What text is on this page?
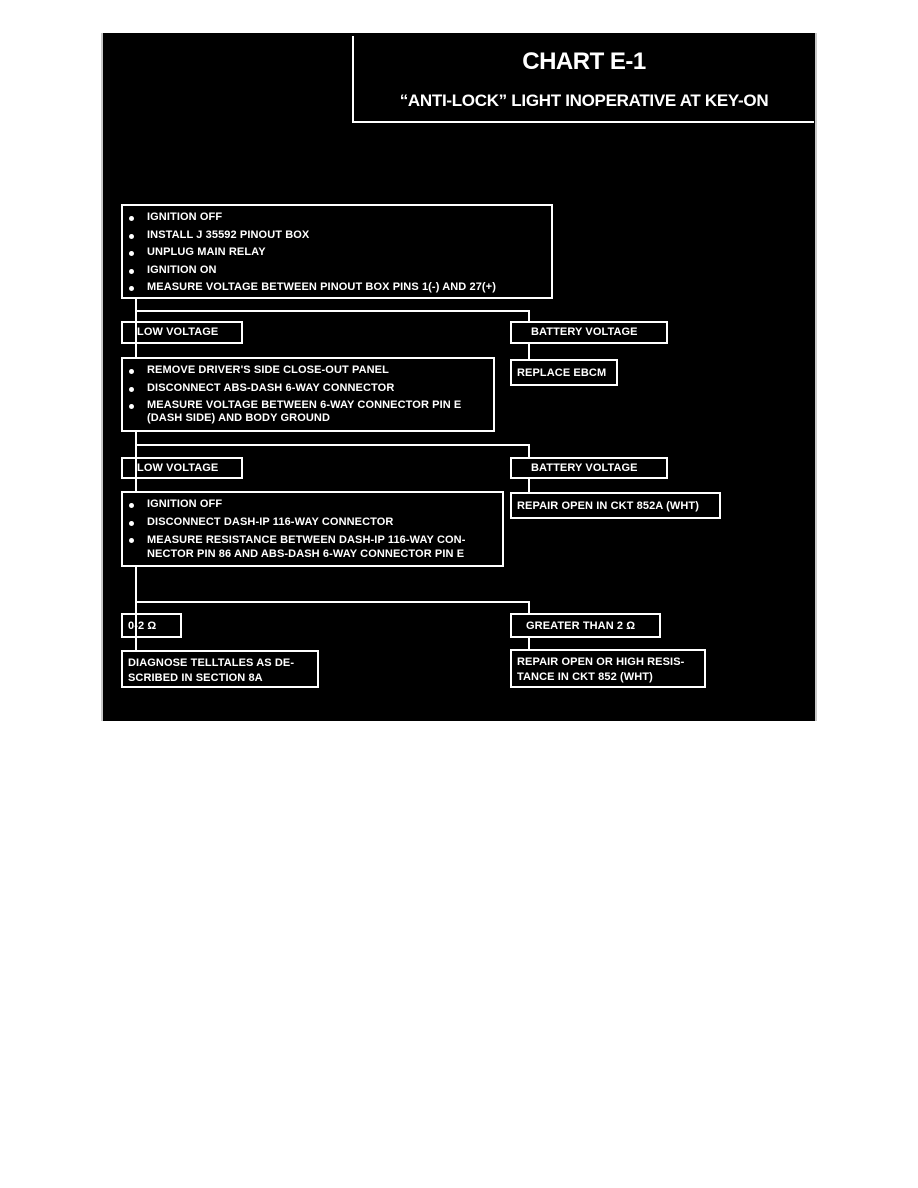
CHART E-1
“ANTI-LOCK” LIGHT INOPERATIVE AT KEY-ON
IGNITION OFF
INSTALL J 35592 PINOUT BOX
UNPLUG MAIN RELAY
IGNITION ON
MEASURE VOLTAGE BETWEEN PINOUT BOX PINS 1(-) AND 27(+)
LOW VOLTAGE	BATTERY VOLTAGE
REPLACE EBCM
REMOVE DRIVER'S SIDE CLOSE-OUT PANEL
DISCONNECT ABS-DASH 6-WAY CONNECTOR
MEASURE VOLTAGE BETWEEN 6-WAY CONNECTOR PIN E (DASH SIDE) AND BODY GROUND
LOW VOLTAGE	BATTERY VOLTAGE
REPAIR OPEN IN CKT 852A (WHT)
IGNITION OFF
DISCONNECT DASH-IP 116-WAY CONNECTOR
MEASURE RESISTANCE BETWEEN DASH-IP 116-WAY CON- NECTOR PIN 86 AND ABS-DASH 6-WAY CONNECTOR PIN E
0-2 Ω	GREATER THAN 2 Ω
DIAGNOSE TELLTALES AS DE- SCRIBED IN SECTION 8A
REPAIR OPEN OR HIGH RESIS- TANCE IN CKT 852 (WHT)
